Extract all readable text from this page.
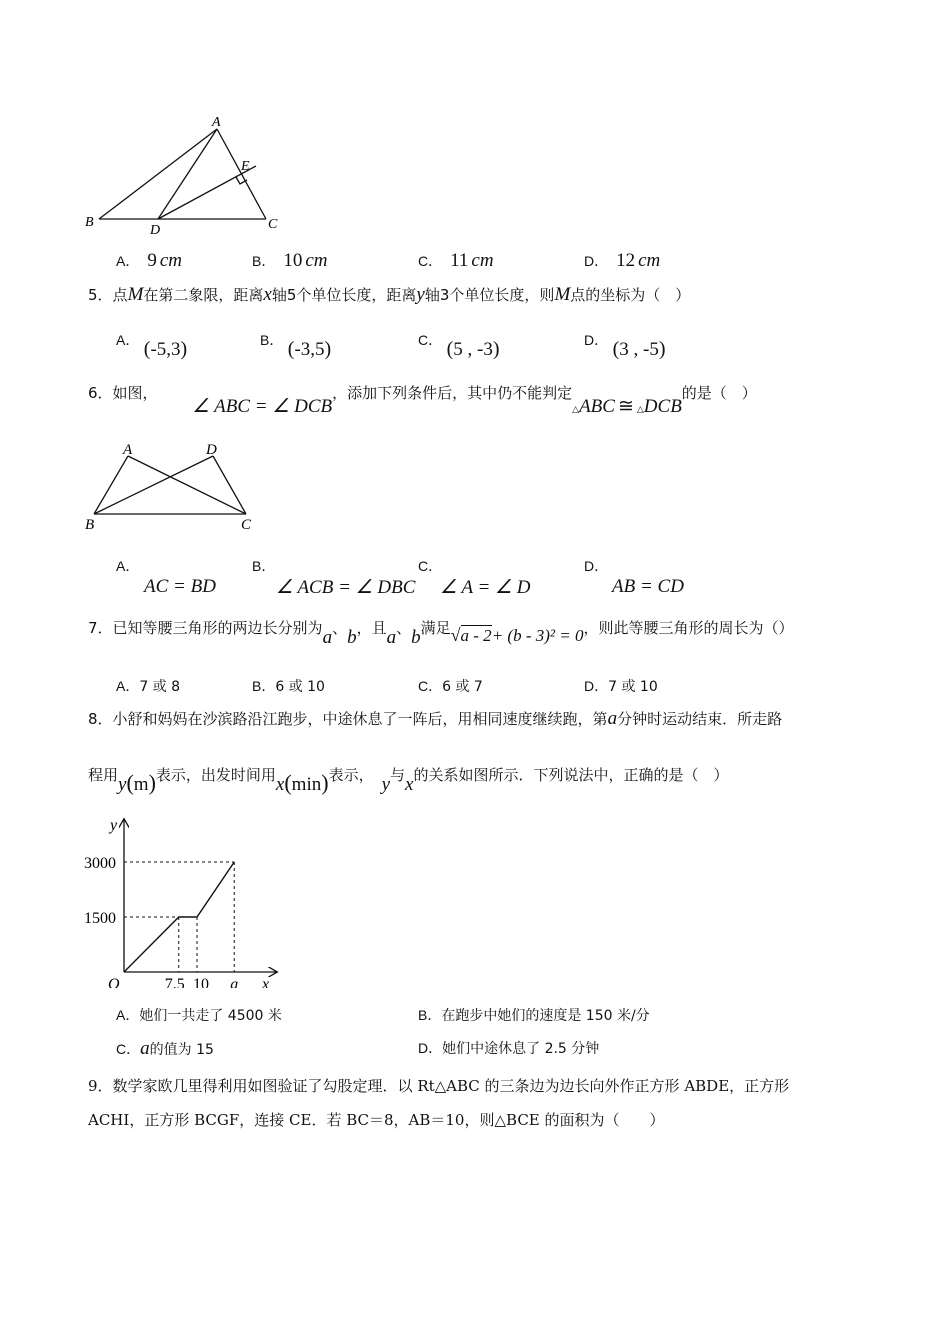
A
B	C
D
E
A． 9 cm	B． 10 cm	C． 11 cm	D． 12 cm
5．点M在第二象限，距离x轴5个单位长度，距离y轴3个单位长度，则M点的坐标为（　）
A． (-5,3)	B． (-3,5)	C． (5 , -3)	D． (3 , -5)
6．如图， ∠ ABC = ∠ DCB，添加下列条件后，其中仍不能判定$_\triangle$ABC ≅ $_\triangle$DCB的是（　）
A	D
B	C
A．
AC = BD
B．
∠ ACB = ∠ DBC
C．
∠ A = ∠ D
D．
AB = CD
7．已知等腰三角形的两边长分别为a、b，且a、b满足√a - 2+ (b - 3)² = 0，则此等腰三角形的周长为（）
A．7 或 8	B．6 或 10	C．6 或 7	D．7 或 10
8．小舒和妈妈在沙滨路沿江跑步，中途休息了一阵后，用相同速度继续跑，第a分钟时运动结束．所走路
程用y(m)表示，出发时间用x(min)表示， y与x的关系如图所示．下列说法中，正确的是（　）
7.5 10 a
1500
3000
O	x
y
A．她们一共走了 4500 米	B．在跑步中她们的速度是 150 米/分
C．a的值为 15	D．她们中途休息了 2.5 分钟
9．数学家欧几里得利用如图验证了勾股定理．以 Rt△ABC 的三条边为边长向外作正方形 ABDE，正方形
ACHI，正方形 BCGF，连接 CE．若 BC＝8，AB＝10，则△BCE 的面积为（　　）
